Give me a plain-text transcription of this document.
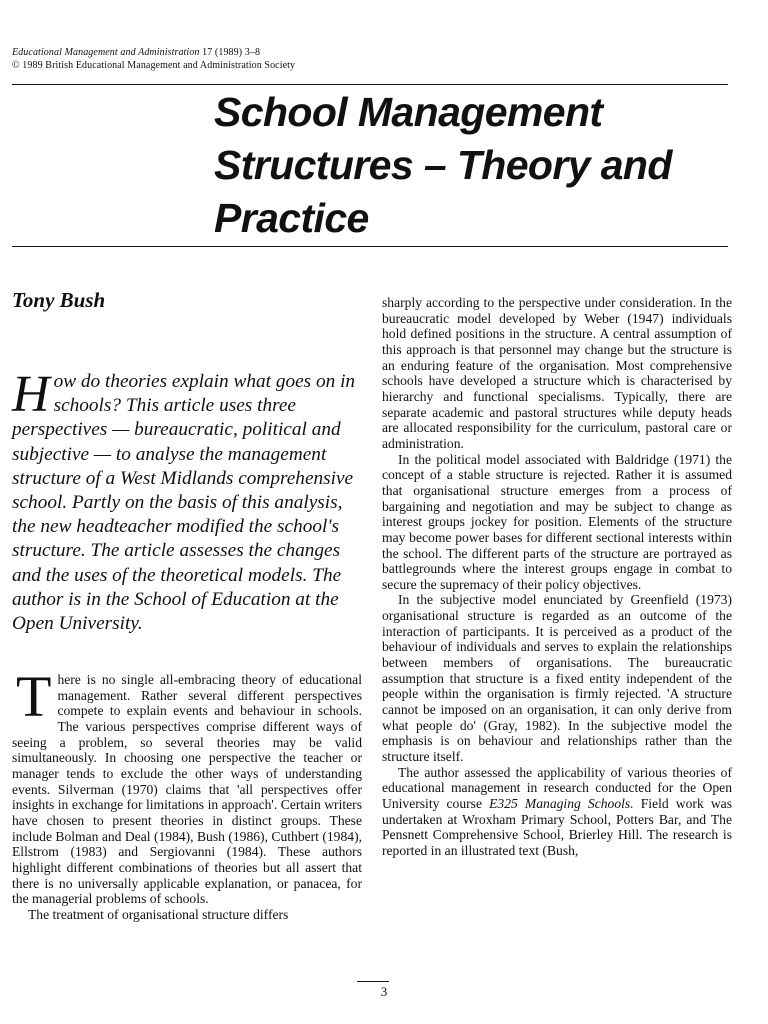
Educational Management and Administration 17 (1989) 3–8
© 1989 British Educational Management and Administration Society
School Management
Structures – Theory and
Practice

Tony Bush

How do theories explain what goes on in schools? This article uses three perspectives — bureaucratic, political and subjective — to analyse the management structure of a West Midlands comprehensive school. Partly on the basis of this analysis, the new headteacher modified the school's structure. The article assesses the changes and the uses of the theoretical models. The author is in the School of Education at the Open University.

There is no single all-embracing theory of educational management. Rather several different perspectives compete to explain events and behaviour in schools. The various perspectives comprise different ways of seeing a problem, so several theories may be valid simultaneously. In choosing one perspective the teacher or manager tends to exclude the other ways of understanding events. Silverman (1970) claims that 'all perspectives offer insights in exchange for limitations in approach'. Certain writers have chosen to present theories in distinct groups. These include Bolman and Deal (1984), Bush (1986), Cuthbert (1984), Ellstrom (1983) and Sergiovanni (1984). These authors highlight different combinations of theories but all assert that there is no universally applicable explanation, or panacea, for the managerial problems of schools.

The treatment of organisational structure differs

sharply according to the perspective under consideration. In the bureaucratic model developed by Weber (1947) individuals hold defined positions in the structure. A central assumption of this approach is that personnel may change but the structure is an enduring feature of the organisation. Most comprehensive schools have developed a structure which is characterised by hierarchy and functional specialisms. Typically, there are separate academic and pastoral structures while deputy heads are allocated responsibility for the curriculum, pastoral care or administration.

In the political model associated with Baldridge (1971) the concept of a stable structure is rejected. Rather it is assumed that organisational structure emerges from a process of bargaining and negotiation and may be subject to change as interest groups jockey for position. Elements of the structure may become power bases for different sectional interests within the school. The different parts of the structure are portrayed as battlegrounds where the interest groups engage in combat to secure the supremacy of their policy objectives.

In the subjective model enunciated by Greenfield (1973) organisational structure is regarded as an outcome of the interaction of participants. It is perceived as a product of the behaviour of individuals and serves to explain the relationships between members of organisations. The bureaucratic assumption that structure is a fixed entity independent of the people within the organisation is firmly rejected. 'A structure cannot be imposed on an organisation, it can only derive from what people do' (Gray, 1982). In the subjective model the emphasis is on behaviour and relationships rather than the structure itself.

The author assessed the applicability of various theories of educational management in research conducted for the Open University course E325 Managing Schools. Field work was undertaken at Wroxham Primary School, Potters Bar, and The Pensnett Comprehensive School, Brierley Hill. The research is reported in an illustrated text (Bush,

3
